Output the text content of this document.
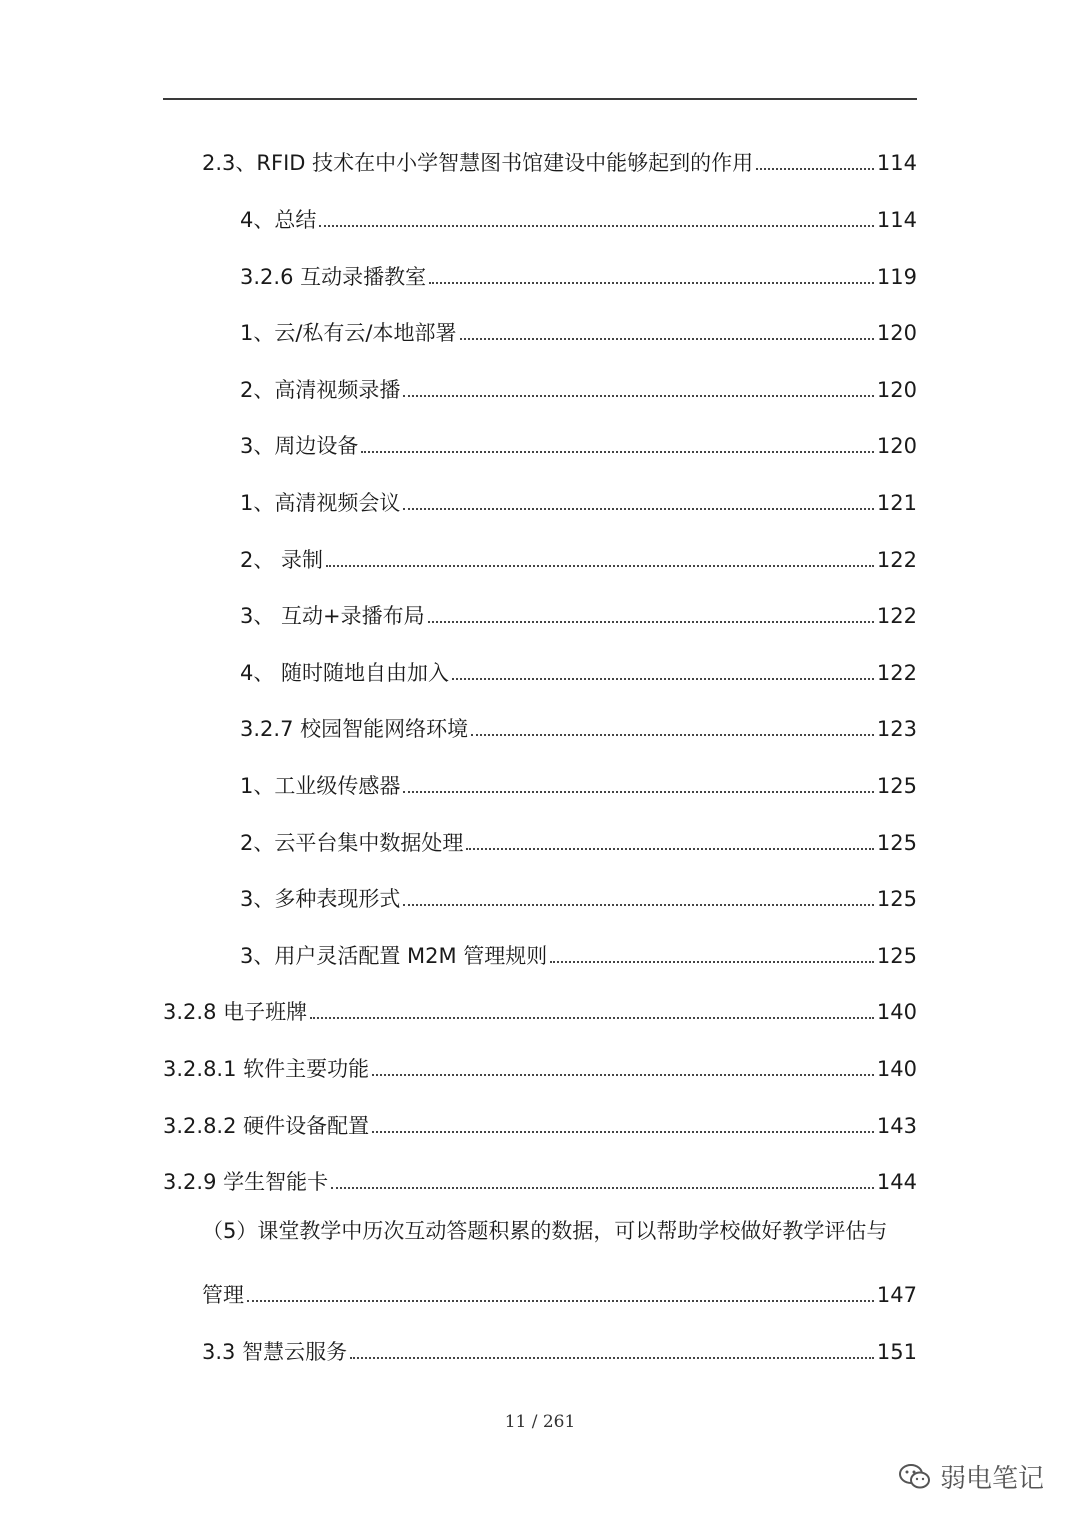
2.3、RFID 技术在中小学智慧图书馆建设中能够起到的作用	114
4、总结	114
3.2.6 互动录播教室	119
1、云/私有云/本地部署	120
2、高清视频录播	120
3、周边设备	120
1、高清视频会议	121
2、 录制	122
3、 互动+录播布局	122
4、 随时随地自由加入	122
3.2.7 校园智能网络环境	123
1、工业级传感器	125
2、云平台集中数据处理	125
3、多种表现形式	125
3、用户灵活配置 M2M 管理规则	125
3.2.8 电子班牌	140
3.2.8.1 软件主要功能	140
3.2.8.2 硬件设备配置	143
3.2.9 学生智能卡	144
（5）课堂教学中历次互动答题积累的数据，可以帮助学校做好教学评估与
管理	147
3.3 智慧云服务	151
11 / 261
弱电笔记
